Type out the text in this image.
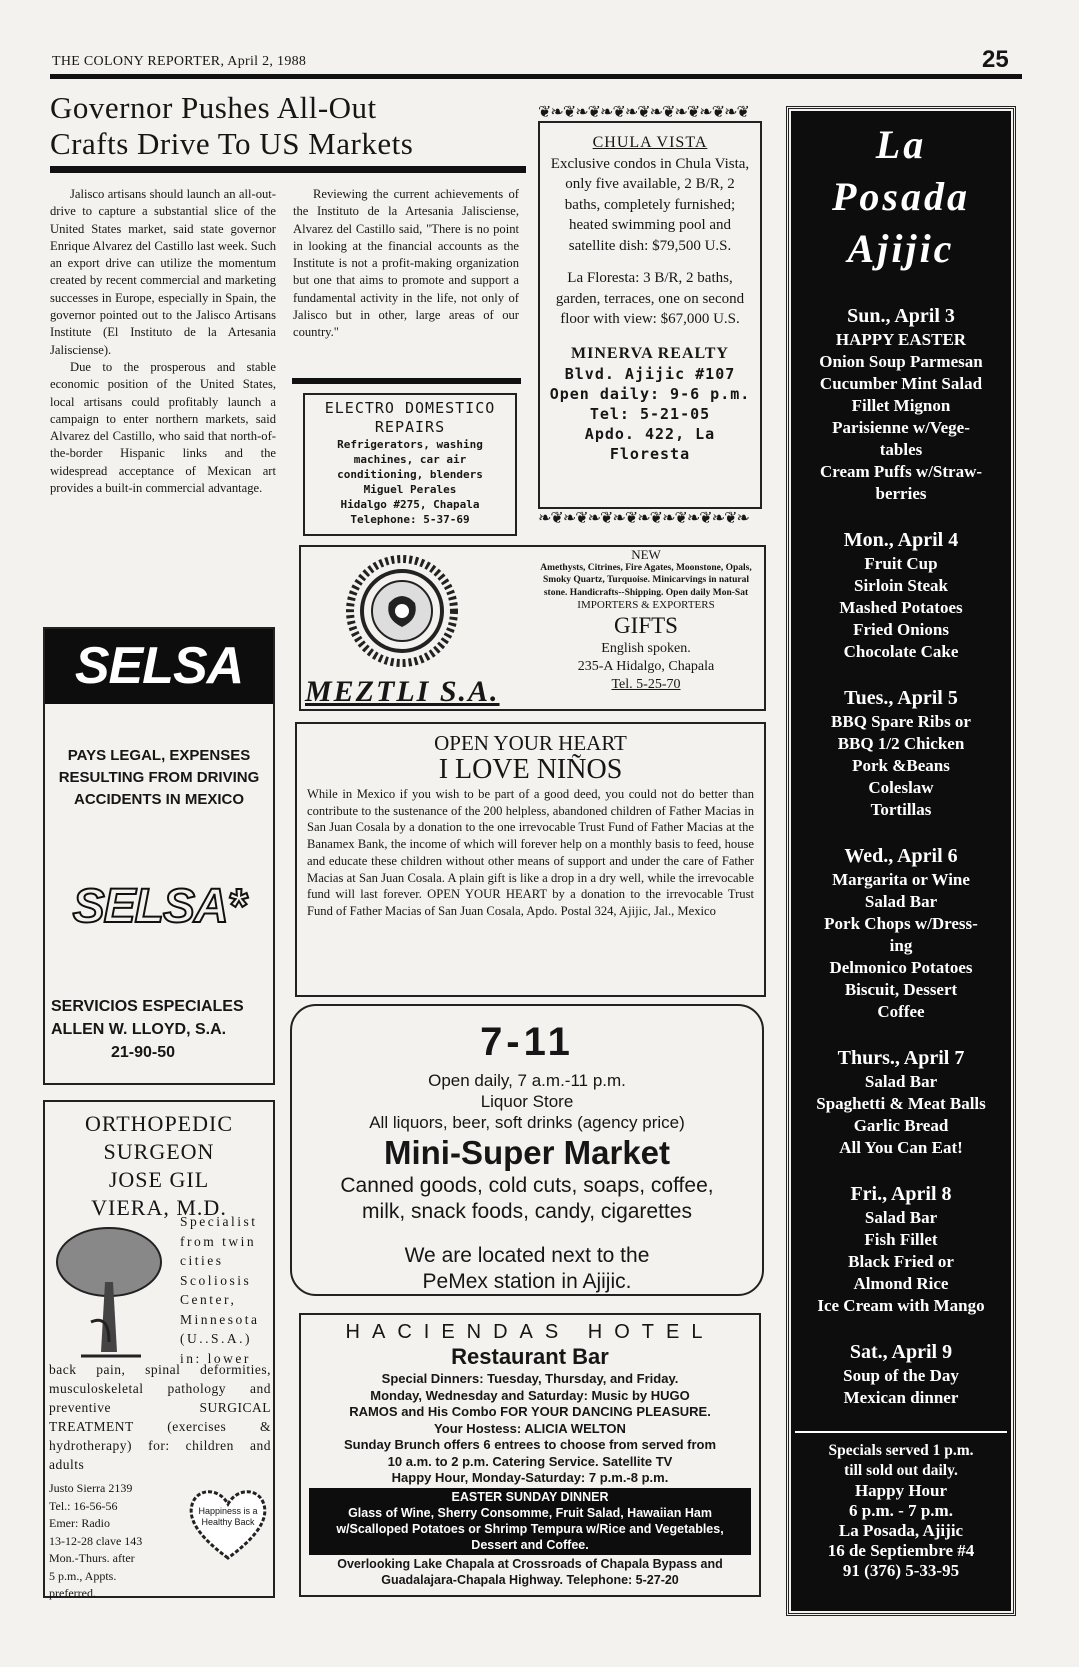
THE COLONY REPORTER, April 2, 1988	25
Governor Pushes All-Out
Crafts Drive To US Markets

Jalisco artisans should launch an all-out-drive to capture a substantial slice of the United States market, said state governor Enrique Alvarez del Castillo last week. Such an export drive can utilize the momentum created by recent commercial and marketing successes in Europe, especially in Spain, the governor pointed out to the Jalisco Artisans Institute (El Instituto de la Artesania Jalisciense).

Due to the prosperous and stable economic position of the United States, local artisans could profitably launch a campaign to enter northern markets, said Alvarez del Castillo, who said that north-of-the-border Hispanic links and the widespread acceptance of Mexican art provides a built-in commercial advantage.

Reviewing the current achievements of the Instituto de la Artesania Jalisciense, Alvarez del Castillo said, "There is no point in looking at the financial accounts as the Institute is not a profit-making organization but one that aims to promote and support a fundamental activity in the life, not only of Jalisco but in other, large areas of our country."

❦❧❦❧❦❧❦❧❦❧❦❧❦❧❦❧❦
CHULA VISTA

Exclusive condos in Chula Vista, only five available, 2 B/R, 2 baths, completely furnished; heated swimming pool and satellite dish: $79,500 U.S.

La Floresta: 3 B/R, 2 baths, garden, terraces, one on second floor with view: $67,000 U.S.

MINERVA REALTY
Blvd. Ajijic #107
Open daily: 9-6 p.m.
Tel: 5-21-05
Apdo. 422, La Floresta
❧❦❧❦❧❦❧❦❧❦❧❦❧❦❧❦❧
ELECTRO DOMESTICO
REPAIRS
Refrigerators, washing machines, car air conditioning, blenders
Miguel Perales
Hidalgo #275, Chapala
Telephone: 5-37-69
MEZTLI S.A.
NEW
Amethysts, Citrines, Fire Agates, Moonstone, Opals, Smoky Quartz, Turquoise. Minicarvings in natural stone. Handicrafts--Shipping. Open daily Mon-Sat
IMPORTERS & EXPORTERS
GIFTS
English spoken.
235-A Hidalgo, Chapala
Tel. 5-25-70
SELSA
PAYS LEGAL, EXPENSES RESULTING FROM DRIVING ACCIDENTS IN MEXICO
SELSA*
SERVICIOS ESPECIALES
ALLEN W. LLOYD, S.A.
21-90-50
OPEN YOUR HEART
I LOVE NIÑOS

While in Mexico if you wish to be part of a good deed, you could not do better than contribute to the sustenance of the 200 helpless, abandoned children of Father Macias in San Juan Cosala by a donation to the one irrevocable Trust Fund of Father Macias at the Banamex Bank, the income of which will forever help on a monthly basis to feed, house and educate these children without other means of support and under the care of Father Macias at San Juan Cosala. A plain gift is like a drop in a dry well, while the irrevocable fund will last forever. OPEN YOUR HEART by a donation to the irrevocable Trust Fund of Father Macias of San Juan Cosala, Apdo. Postal 324, Ajijic, Jal., Mexico

7-11
Open daily, 7 a.m.-11 p.m.
Liquor Store
All liquors, beer, soft drinks (agency price)
Mini-Super Market
Canned goods, cold cuts, soaps, coffee,
milk, snack foods, candy, cigarettes
We are located next to the
PeMex station in Ajijic.
ORTHOPEDIC
SURGEON
JOSE GIL
VIERA, M.D.
Specialist from twin cities Scoliosis Center, Minnesota (U..S.A.) in: lower

back pain, spinal deformities, musculoskeletal pathology and preventive SURGICAL TREATMENT (exercises & hydrotherapy) for: children and adults

Justo Sierra 2139
Tel.: 16-56-56
Emer: Radio
13-12-28 clave 143
Mon.-Thurs. after
5 p.m., Appts.
preferred.
Happiness is a Healthy Back
HACIENDAS HOTEL
Restaurant Bar
Special Dinners: Tuesday, Thursday, and Friday.
Monday, Wednesday and Saturday: Music by HUGO
RAMOS and His Combo FOR YOUR DANCING PLEASURE.
Your Hostess: ALICIA WELTON
Sunday Brunch offers 6 entrees to choose from served from
10 a.m. to 2 p.m. Catering Service. Satellite TV
Happy Hour, Monday-Saturday: 7 p.m.-8 p.m.
EASTER SUNDAY DINNER
Glass of Wine, Sherry Consomme, Fruit Salad, Hawaiian Ham w/Scalloped Potatoes or Shrimp Tempura w/Rice and Vegetables, Dessert and Coffee.
Overlooking Lake Chapala at Crossroads of Chapala Bypass and Guadalajara-Chapala Highway. Telephone: 5-27-20
La
Posada
Ajijic
Sun., April 3
HAPPY EASTER
Onion Soup Parmesan
Cucumber Mint Salad
Fillet Mignon
Parisienne w/Vege-
tables
Cream Puffs w/Straw-
berries
Mon., April 4
Fruit Cup
Sirloin Steak
Mashed Potatoes
Fried Onions
Chocolate Cake
Tues., April 5
BBQ Spare Ribs or
BBQ 1/2 Chicken
Pork &Beans
Coleslaw
Tortillas
Wed., April 6
Margarita or Wine
Salad Bar
Pork Chops w/Dress-
ing
Delmonico Potatoes
Biscuit, Dessert
Coffee
Thurs., April 7
Salad Bar
Spaghetti & Meat Balls
Garlic Bread
All You Can Eat!
Fri., April 8
Salad Bar
Fish Fillet
Black Fried or
Almond Rice
Ice Cream with Mango
Sat., April 9
Soup of the Day
Mexican dinner
Specials served 1 p.m.
till sold out daily.
Happy Hour
6 p.m. - 7 p.m.
La Posada, Ajijic
16 de Septiembre #4
91 (376) 5-33-95
